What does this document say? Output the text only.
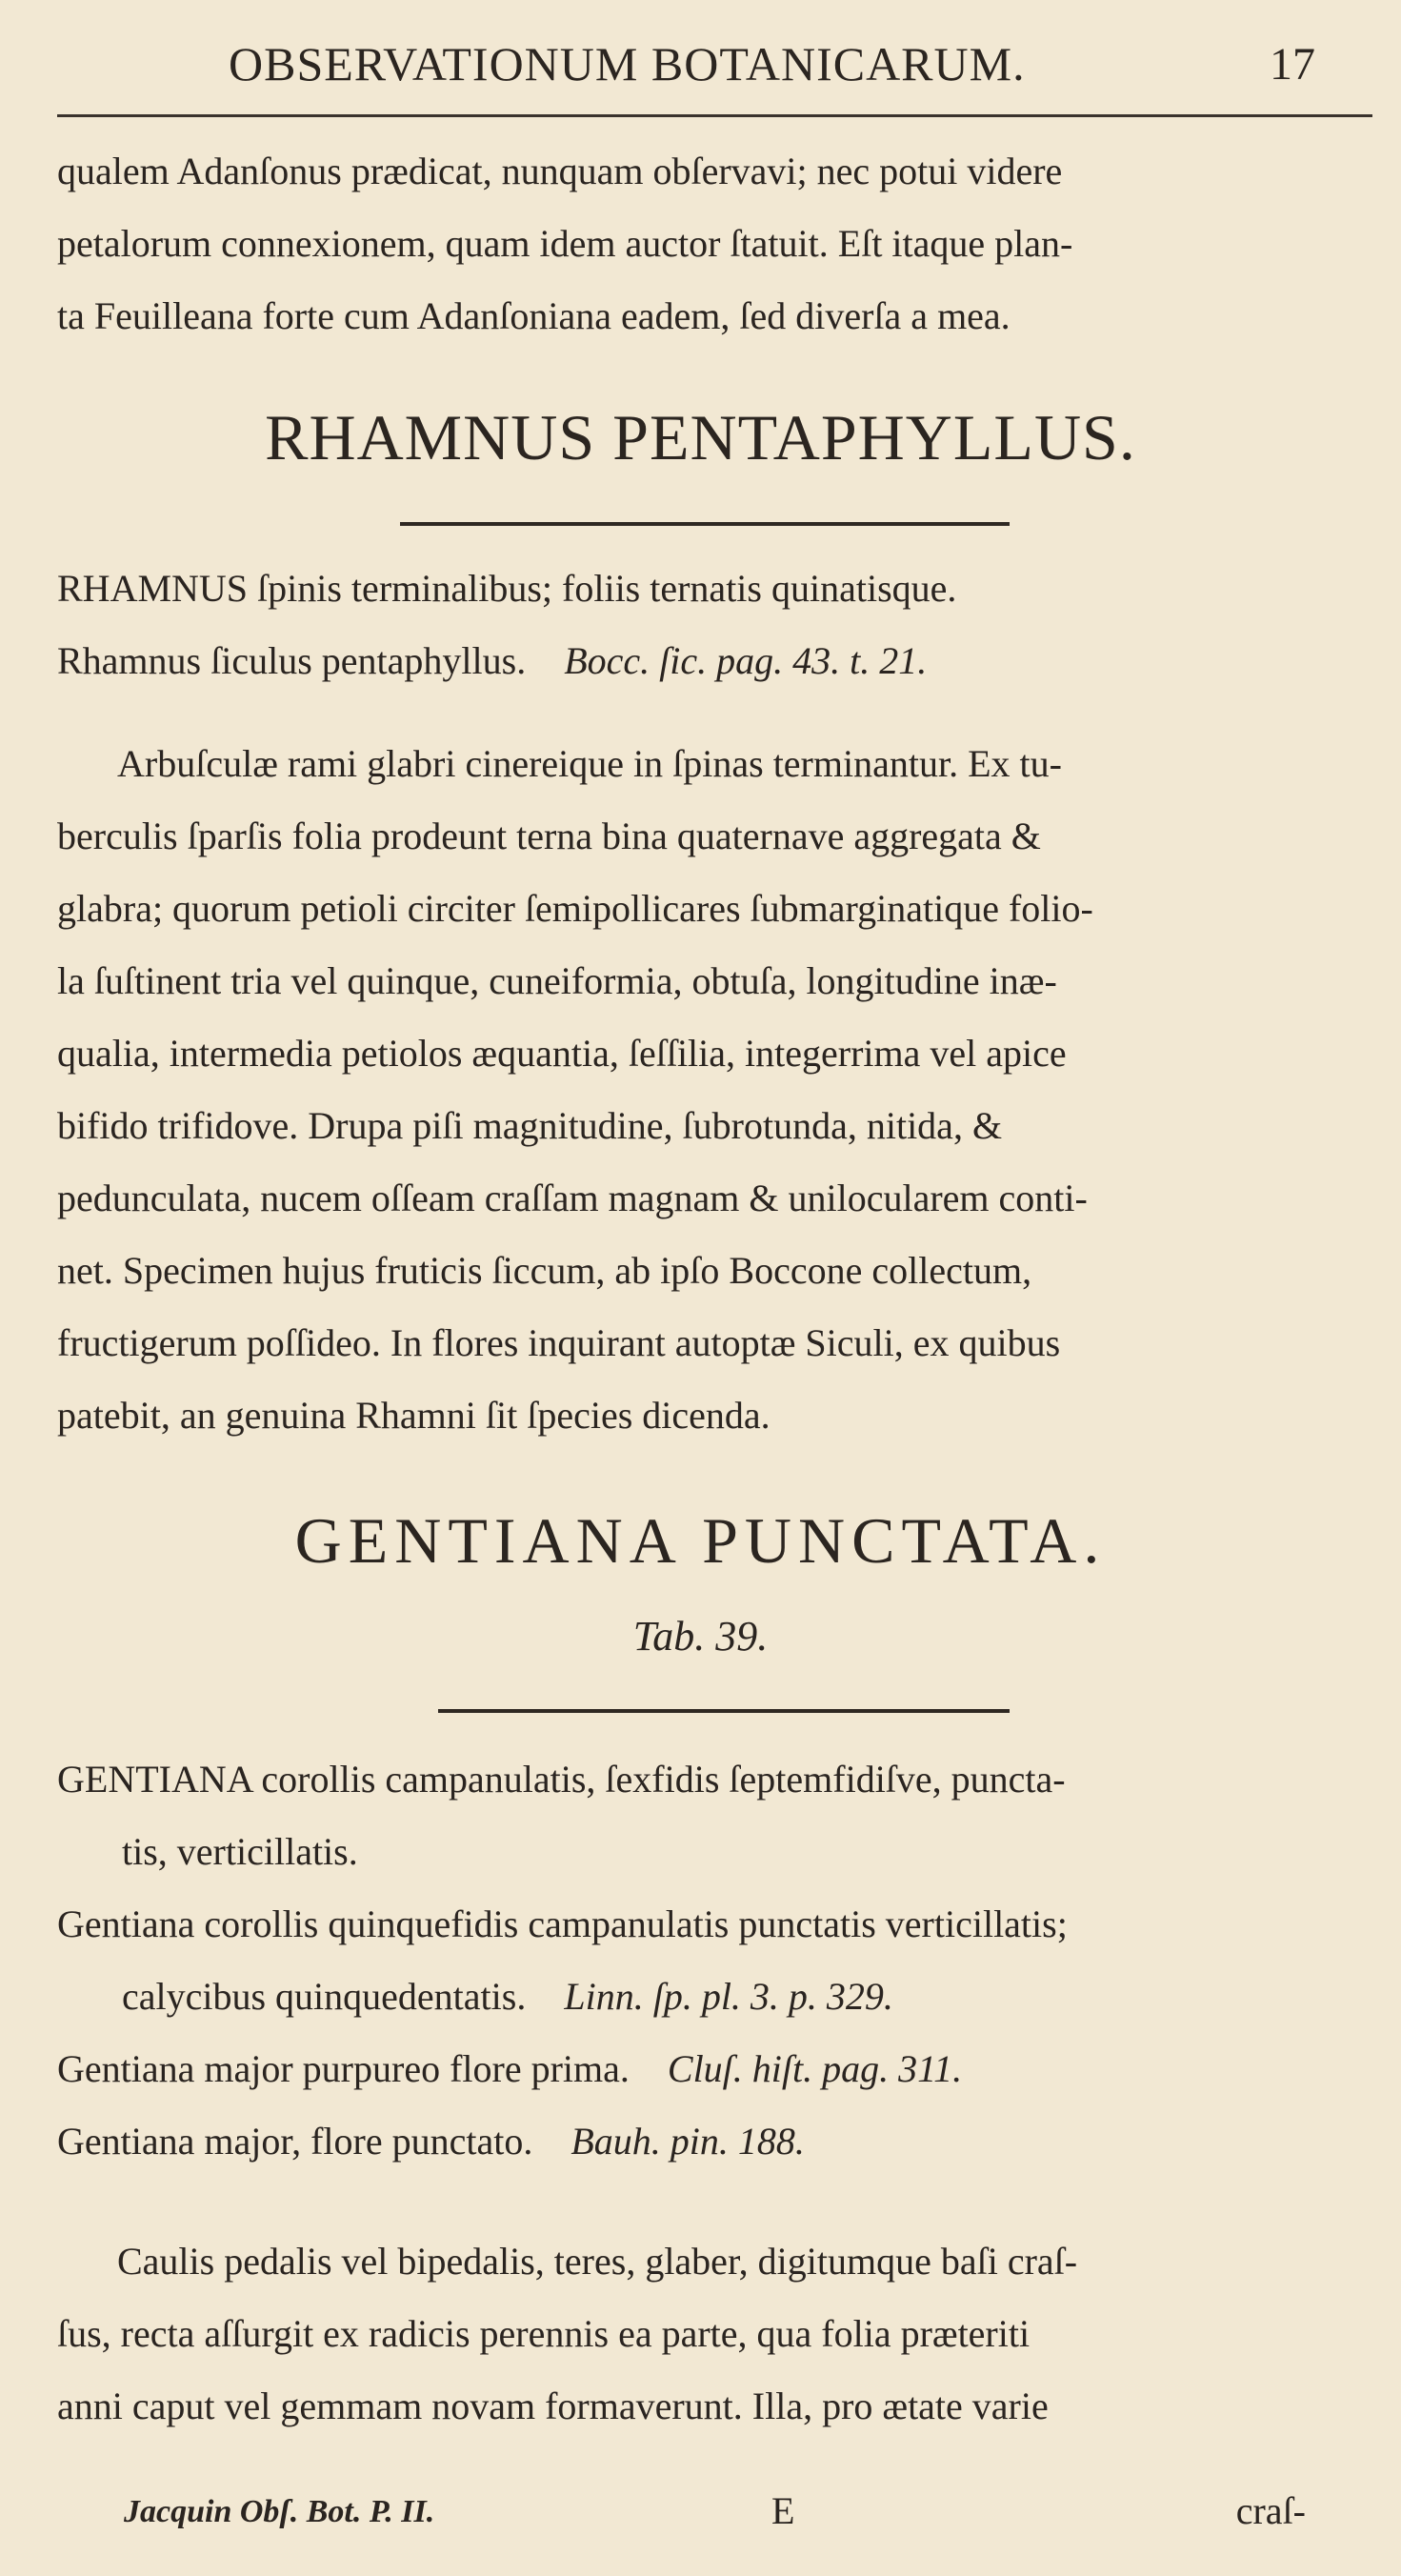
OBSERVATIONUM BOTANICARUM.	17

qualem Adanſonus prædicat, nunquam obſervavi; nec potui videre

petalorum connexionem, quam idem auctor ſtatuit. Eſt itaque plan-

ta Feuilleana forte cum Adanſoniana eadem, ſed diverſa a mea.

RHAMNUS PENTAPHYLLUS.

RHAMNUS ſpinis terminalibus; foliis ternatis quinatisque.

Rhamnus ſiculus pentaphyllus. Bocc. ſic. pag. 43. t. 21.

Arbuſculæ rami glabri cinereique in ſpinas terminantur. Ex tu-

berculis ſparſis folia prodeunt terna bina quaternave aggregata &

glabra; quorum petioli circiter ſemipollicares ſubmarginatique folio-

la ſuſtinent tria vel quinque, cuneiformia, obtuſa, longitudine inæ-

qualia, intermedia petiolos æquantia, ſeſſilia, integerrima vel apice

bifido trifidove. Drupa piſi magnitudine, ſubrotunda, nitida, &

pedunculata, nucem oſſeam craſſam magnam & unilocularem conti-

net. Specimen hujus fruticis ſiccum, ab ipſo Boccone collectum,

fructigerum poſſideo. In flores inquirant autoptæ Siculi, ex quibus

patebit, an genuina Rhamni ſit ſpecies dicenda.

GENTIANA PUNCTATA.
Tab. 39.

GENTIANA corollis campanulatis, ſexfidis ſeptemfidiſve, puncta-

tis, verticillatis.

Gentiana corollis quinquefidis campanulatis punctatis verticillatis;

calycibus quinquedentatis. Linn. ſp. pl. 3. p. 329.

Gentiana major purpureo flore prima. Cluſ. hiſt. pag. 311.

Gentiana major, flore punctato. Bauh. pin. 188.

Caulis pedalis vel bipedalis, teres, glaber, digitumque baſi craſ-

ſus, recta aſſurgit ex radicis perennis ea parte, qua folia præteriti

anni caput vel gemmam novam formaverunt. Illa, pro ætate varie

Jacquin Obſ. Bot. P. II.	E	craſ-
